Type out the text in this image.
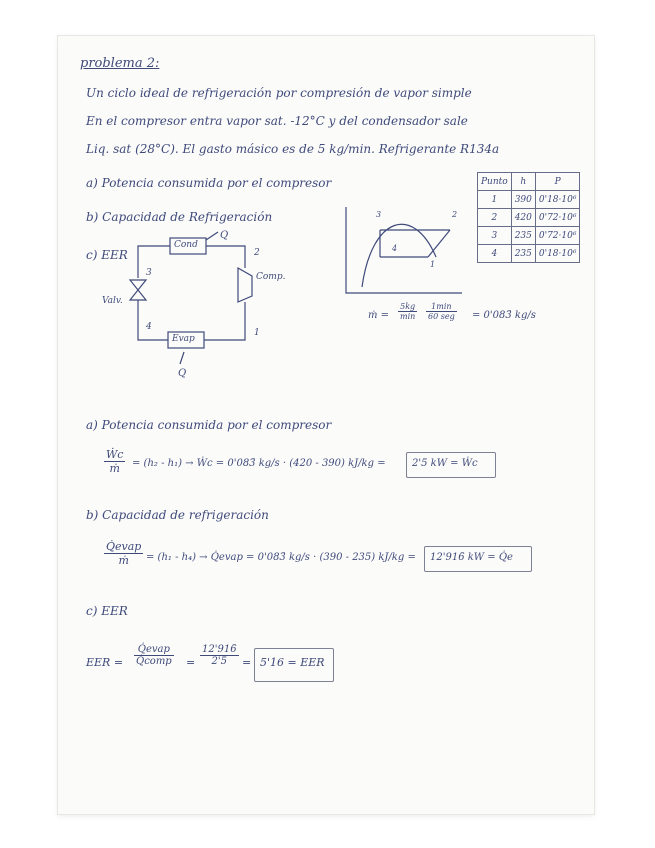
problema 2:
Un ciclo ideal de refrigeración por compresión de vapor simple
En el compresor entra vapor sat. -12°C y del condensador sale
Liq. sat (28°C). El gasto másico es de 5 kg/min. Refrigerante R134a
a) Potencia consumida por el compresor
b) Capacidad de Refrigeración
c) EER
Cond
Evap
Comp.
Valv.
Q
Q
1
2
3
4
3	2
4
1
Punto	h	P
1	390	0'18·10⁶
2	420	0'72·10⁶
3	235	0'72·10⁶
4	235	0'18·10⁶
ṁ =
5kg
min
1min
60 seg = 0'083̄ kg/s
a) Potencia consumida por el compresor
$\frac{\text{Ẇc}}{\text{ṁ}} = (h_2 - h_1)$ → Ẇc = 0'083̄ kg/s · (420 - 390) kJ/kg =	2'5 kW = Ẇc
b) Capacidad de refrigeración
Q̇evap
ṁ	= (h₁ - h₄) → Q̇evap = 0'083̄ kg/s · (390 - 235) kJ/kg = 12'916̄ kW = Q̇e
c) EER
EER =
Q̇evap
Q̇comp = $\frac{12'916̄}{2'5} = 5'16$ = EER
